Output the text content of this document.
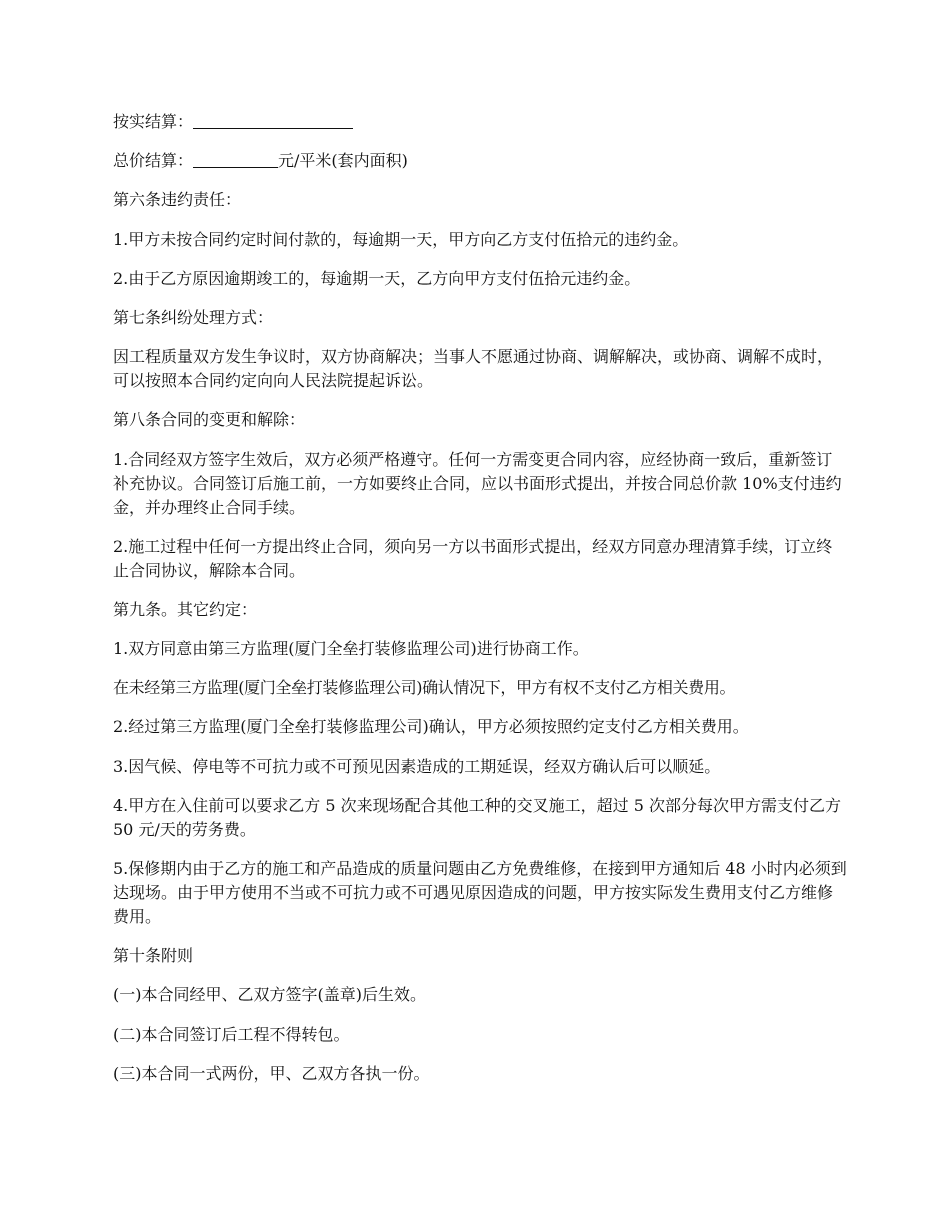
按实结算：

总价结算：	元/平米(套内面积)

第六条违约责任：

1.甲方未按合同约定时间付款的，每逾期一天，甲方向乙方支付伍拾元的违约金。

2.由于乙方原因逾期竣工的，每逾期一天，乙方向甲方支付伍拾元违约金。

第七条纠纷处理方式：

因工程质量双方发生争议时，双方协商解决；当事人不愿通过协商、调解解决，或协商、调解不成时，可以按照本合同约定向向人民法院提起诉讼。

第八条合同的变更和解除：

1.合同经双方签字生效后，双方必须严格遵守。任何一方需变更合同内容，应经协商一致后，重新签订补充协议。合同签订后施工前，一方如要终止合同，应以书面形式提出，并按合同总价款 10%支付违约金，并办理终止合同手续。

2.施工过程中任何一方提出终止合同，须向另一方以书面形式提出，经双方同意办理清算手续，订立终止合同协议，解除本合同。

第九条。其它约定：

1.双方同意由第三方监理(厦门全垒打装修监理公司)进行协商工作。

在未经第三方监理(厦门全垒打装修监理公司)确认情况下，甲方有权不支付乙方相关费用。

2.经过第三方监理(厦门全垒打装修监理公司)确认，甲方必须按照约定支付乙方相关费用。

3.因气候、停电等不可抗力或不可预见因素造成的工期延误，经双方确认后可以顺延。

4.甲方在入住前可以要求乙方 5 次来现场配合其他工种的交叉施工，超过 5 次部分每次甲方需支付乙方 50 元/天的劳务费。

5.保修期内由于乙方的施工和产品造成的质量问题由乙方免费维修，在接到甲方通知后 48 小时内必须到达现场。由于甲方使用不当或不可抗力或不可遇见原因造成的问题，甲方按实际发生费用支付乙方维修费用。

第十条附则

(一)本合同经甲、乙双方签字(盖章)后生效。

(二)本合同签订后工程不得转包。

(三)本合同一式两份，甲、乙双方各执一份。
